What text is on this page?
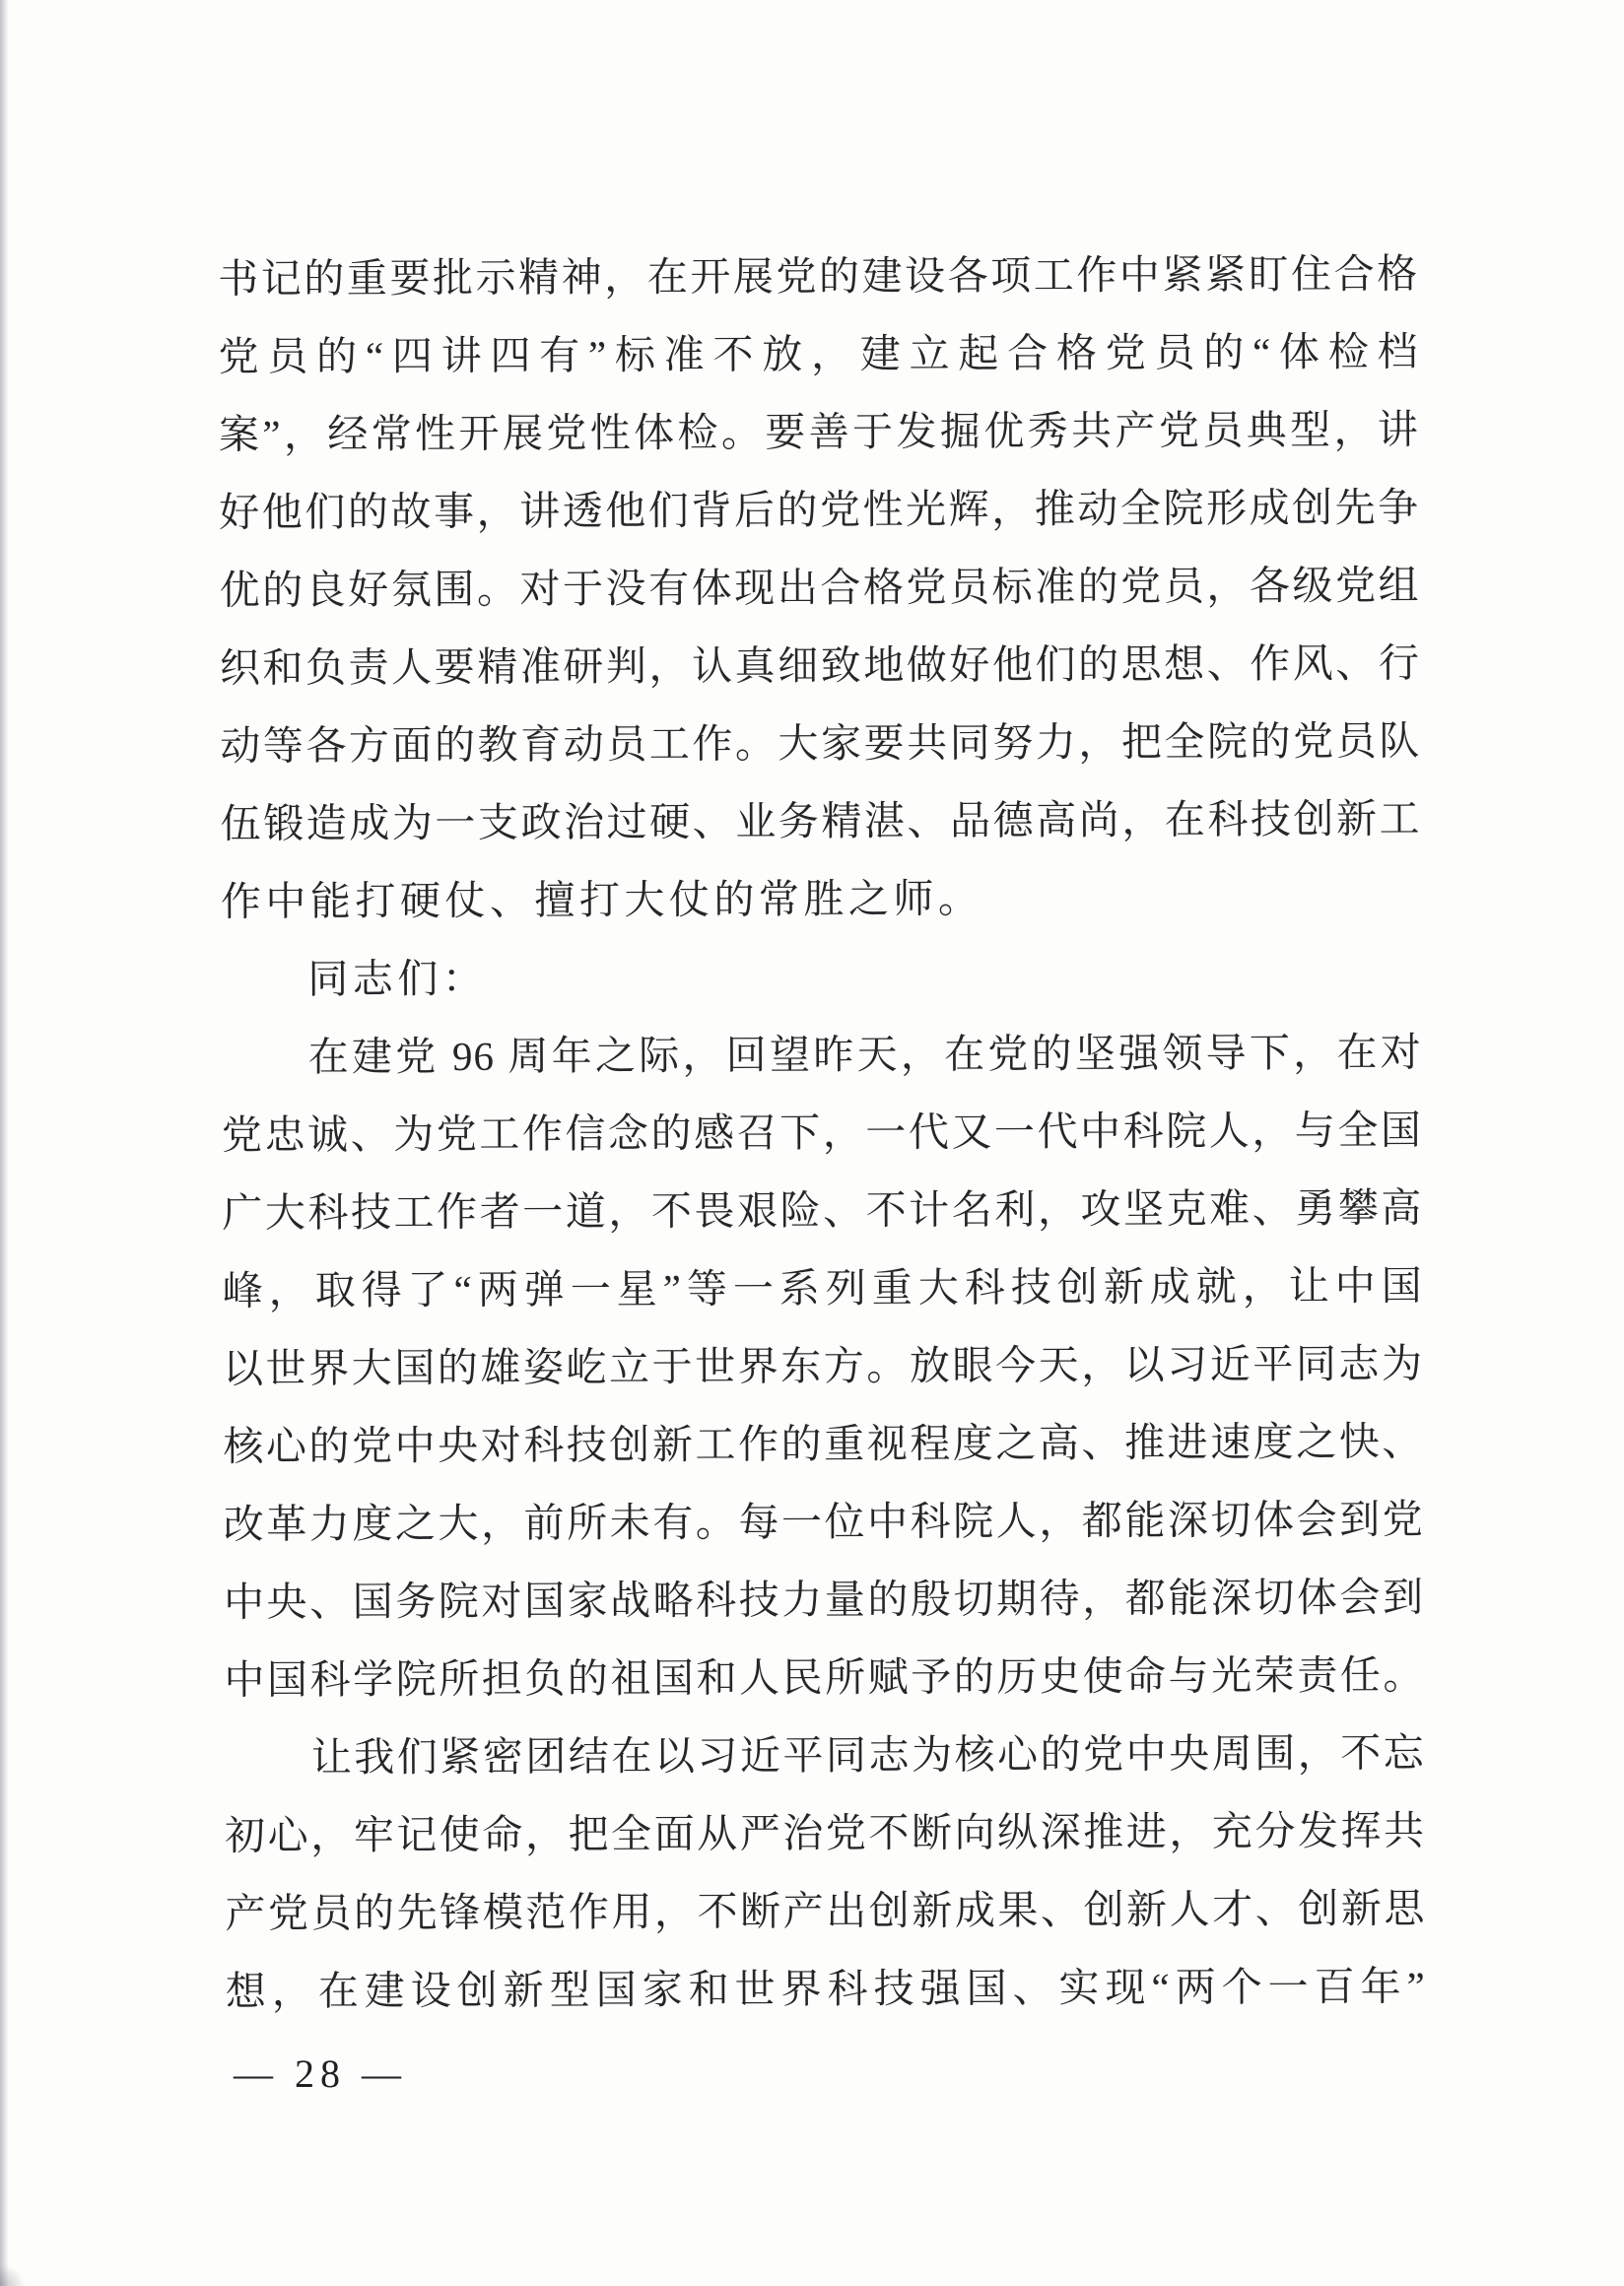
书记的重要批示精神，在开展党的建设各项工作中紧紧盯住合格
党员的“四讲四有”标准不放，建立起合格党员的“体检档
案”，经常性开展党性体检。要善于发掘优秀共产党员典型，讲
好他们的故事，讲透他们背后的党性光辉，推动全院形成创先争
优的良好氛围。对于没有体现出合格党员标准的党员，各级党组
织和负责人要精准研判，认真细致地做好他们的思想、作风、行
动等各方面的教育动员工作。大家要共同努力，把全院的党员队
伍锻造成为一支政治过硬、业务精湛、品德高尚，在科技创新工
作中能打硬仗、擅打大仗的常胜之师。
同志们：
在建党 96 周年之际，回望昨天，在党的坚强领导下，在对
党忠诚、为党工作信念的感召下，一代又一代中科院人，与全国
广大科技工作者一道，不畏艰险、不计名利，攻坚克难、勇攀高
峰，取得了“两弹一星”等一系列重大科技创新成就，让中国
以世界大国的雄姿屹立于世界东方。放眼今天，以习近平同志为
核心的党中央对科技创新工作的重视程度之高、推进速度之快、
改革力度之大，前所未有。每一位中科院人，都能深切体会到党
中央、国务院对国家战略科技力量的殷切期待，都能深切体会到
中国科学院所担负的祖国和人民所赋予的历史使命与光荣责任。
让我们紧密团结在以习近平同志为核心的党中央周围，不忘
初心，牢记使命，把全面从严治党不断向纵深推进，充分发挥共
产党员的先锋模范作用，不断产出创新成果、创新人才、创新思
想，在建设创新型国家和世界科技强国、实现“两个一百年”
— 28 —
